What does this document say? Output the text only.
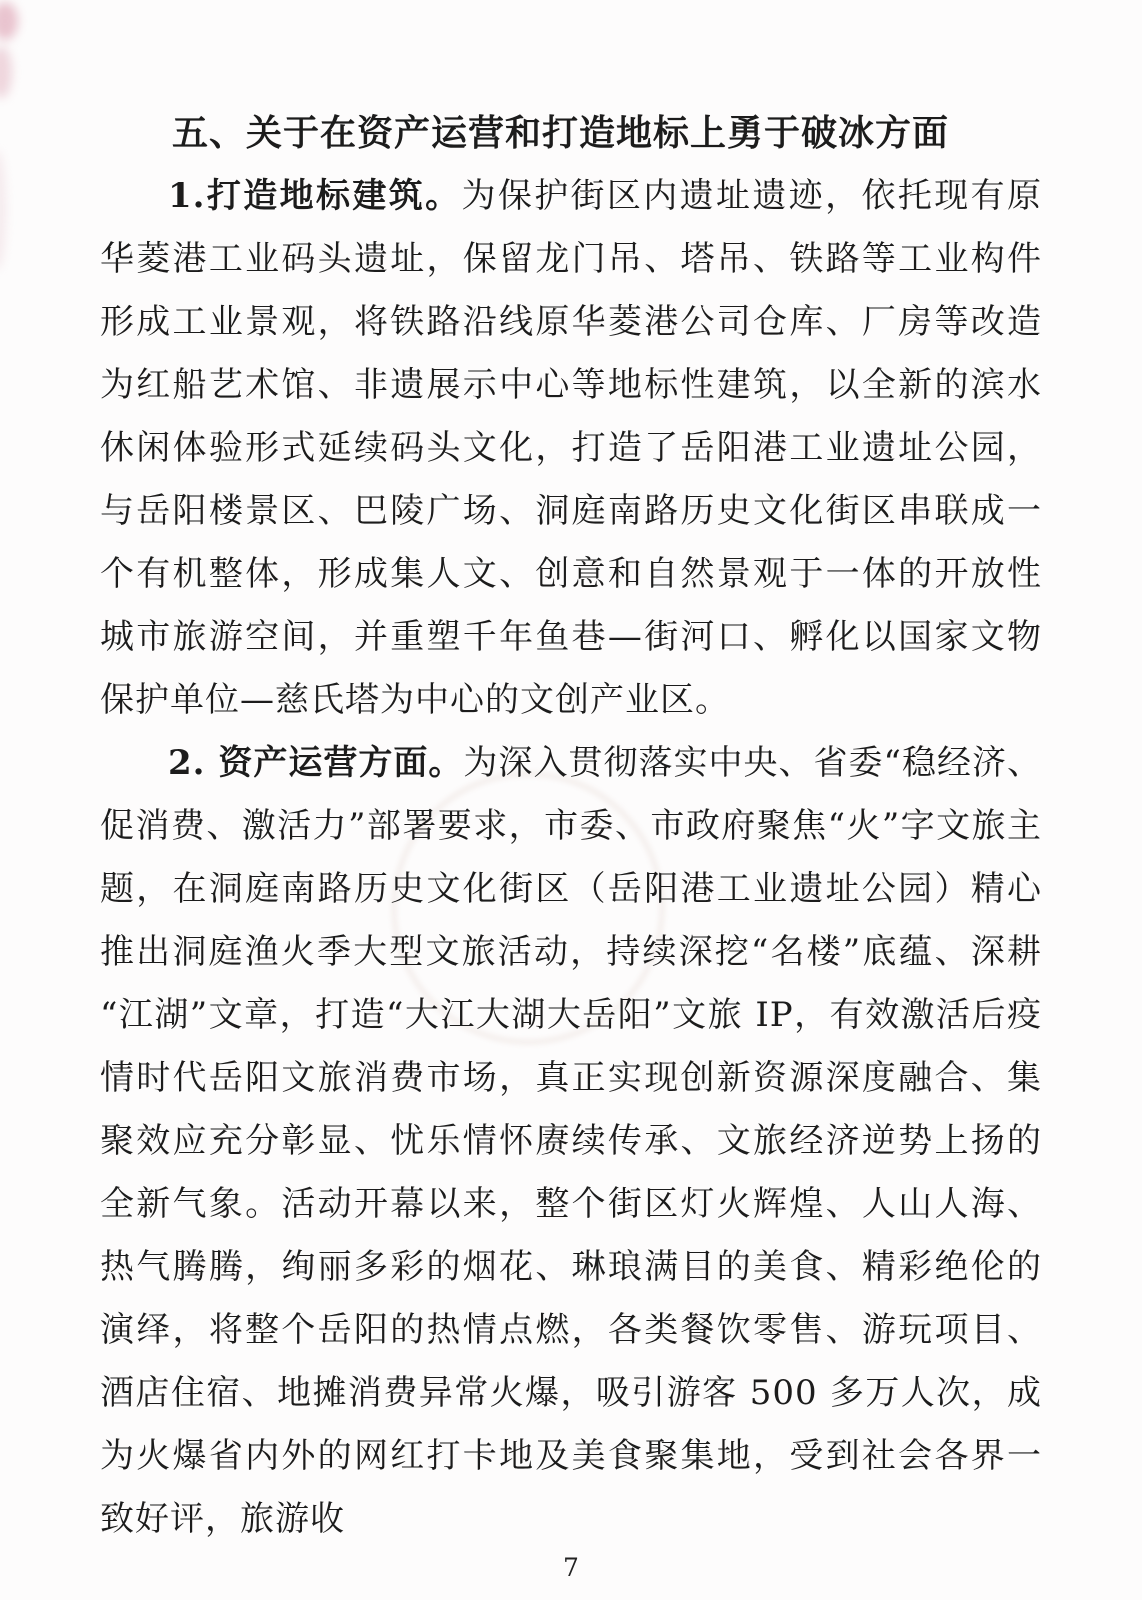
五、关于在资产运营和打造地标上勇于破冰方面

1.打造地标建筑。为保护街区内遗址遗迹，依托现有原华菱港工业码头遗址，保留龙门吊、塔吊、铁路等工业构件形成工业景观，将铁路沿线原华菱港公司仓库、厂房等改造为红船艺术馆、非遗展示中心等地标性建筑，以全新的滨水休闲体验形式延续码头文化，打造了岳阳港工业遗址公园，与岳阳楼景区、巴陵广场、洞庭南路历史文化街区串联成一个有机整体，形成集人文、创意和自然景观于一体的开放性城市旅游空间，并重塑千年鱼巷—街河口、孵化以国家文物保护单位—慈氏塔为中心的文创产业区。

2. 资产运营方面。为深入贯彻落实中央、省委“稳经济、促消费、激活力”部署要求，市委、市政府聚焦“火”字文旅主题，在洞庭南路历史文化街区（岳阳港工业遗址公园）精心推出洞庭渔火季大型文旅活动，持续深挖“名楼”底蕴、深耕“江湖”文章，打造“大江大湖大岳阳”文旅 IP，有效激活后疫情时代岳阳文旅消费市场，真正实现创新资源深度融合、集聚效应充分彰显、忧乐情怀赓续传承、文旅经济逆势上扬的全新气象。活动开幕以来，整个街区灯火辉煌、人山人海、热气腾腾，绚丽多彩的烟花、琳琅满目的美食、精彩绝伦的演绎，将整个岳阳的热情点燃，各类餐饮零售、游玩项目、酒店住宿、地摊消费异常火爆，吸引游客 500 多万人次，成为火爆省内外的网红打卡地及美食聚集地，受到社会各界一致好评，旅游收

7
